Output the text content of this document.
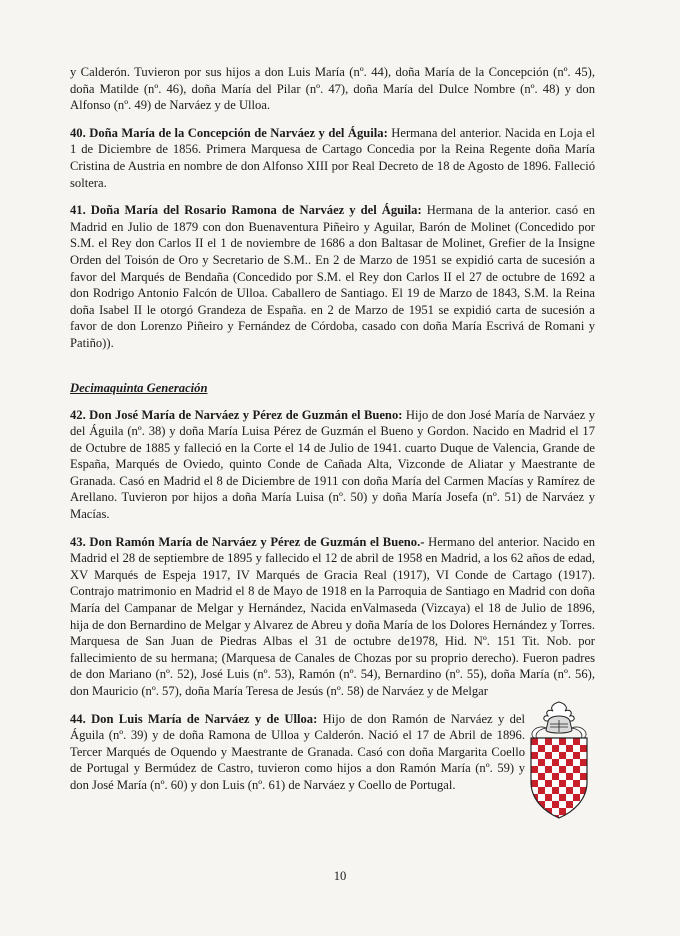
y Calderón. Tuvieron por sus hijos a don Luis María (nº. 44), doña María de la Concepción (nº. 45), doña Matilde (nº. 46), doña María del Pilar (nº. 47), doña María del Dulce Nombre (nº. 48) y don Alfonso (nº. 49) de Narváez y de Ulloa.

40. Doña María de la Concepción de Narváez y del Águila: Hermana del anterior. Nacida en Loja el 1 de Diciembre de 1856. Primera Marquesa de Cartago Concedia por la Reina Regente doña María Cristina de Austria en nombre de don Alfonso XIII por Real Decreto de 18 de Agosto de 1896. Falleció soltera.

41. Doña María del Rosario Ramona de Narváez y del Águila: Hermana de la anterior. casó en Madrid en Julio de 1879 con don Buenaventura Piñeiro y Aguilar, Barón de Molinet (Concedido por S.M. el Rey don Carlos II el 1 de noviembre de 1686 a don Baltasar de Molinet, Grefier de la Insigne Orden del Toisón de Oro y Secretario de S.M.. En 2 de Marzo de 1951 se expidió carta de sucesión a favor del Marqués de Bendaña (Concedido por S.M. el Rey don Carlos II el 27 de octubre de 1692 a don Rodrigo Antonio Falcón de Ulloa. Caballero de Santiago. El 19 de Marzo de 1843, S.M. la Reina doña Isabel II le otorgó Grandeza de España. en 2 de Marzo de 1951 se expidió carta de sucesión a favor de don Lorenzo Piñeiro y Fernández de Córdoba, casado con doña María Escrivá de Romani y Patiño)).

Decimaquinta Generación

42. Don José María de Narváez y Pérez de Guzmán el Bueno: Hijo de don José María de Narváez y del Águila (nº. 38) y doña María Luisa Pérez de Guzmán el Bueno y Gordon. Nacido en Madrid el 17 de Octubre de 1885 y falleció en la Corte el 14 de Julio de 1941. cuarto Duque de Valencia, Grande de España, Marqués de Oviedo, quinto Conde de Cañada Alta, Vizconde de Aliatar y Maestrante de Granada. Casó en Madrid el 8 de Diciembre de 1911 con doña María del Carmen Macías y Ramírez de Arellano. Tuvieron por hijos a doña María Luisa (nº. 50) y doña María Josefa (nº. 51) de Narváez y Macías.

43. Don Ramón María de Narváez y Pérez de Guzmán el Bueno.- Hermano del anterior. Nacido en Madrid el 28 de septiembre de 1895 y fallecido el 12 de abril de 1958 en Madrid, a los 62 años de edad, XV Marqués de Espeja 1917, IV Marqués de Gracia Real (1917), VI Conde de Cartago (1917). Contrajo matrimonio en Madrid el 8 de Mayo de 1918 en la Parroquia de Santiago en Madrid con doña María del Campanar de Melgar y Hernández, Nacida enValmaseda (Vizcaya) el 18 de Julio de 1896, hija de don Bernardino de Melgar y Alvarez de Abreu y doña María de los Dolores Hernández y Torres. Marquesa de San Juan de Piedras Albas el 31 de octubre de1978, Hid. Nº. 151 Tit. Nob. por fallecimiento de su hermana; (Marquesa de Canales de Chozas por su proprio derecho). Fueron padres de don Mariano (nº. 52), José Luis (nº. 53), Ramón (nº. 54), Bernardino (nº. 55), doña María (nº. 56), don Mauricio (nº. 57), doña María Teresa de Jesús (nº. 58) de Narváez y de Melgar

44. Don Luis María de Narváez y de Ulloa: Hijo de don Ramón de Narváez y del Águila (nº. 39) y de doña Ramona de Ulloa y Calderón. Nació el 17 de Abril de 1896. Tercer Marqués de Oquendo y Maestrante de Granada. Casó con doña Margarita Coello de Portugal y Bermúdez de Castro, tuvieron como hijos a don Ramón María (nº. 59) y don José María (nº. 60) y don Luis (nº. 61) de Narváez y Coello de Portugal.

10
